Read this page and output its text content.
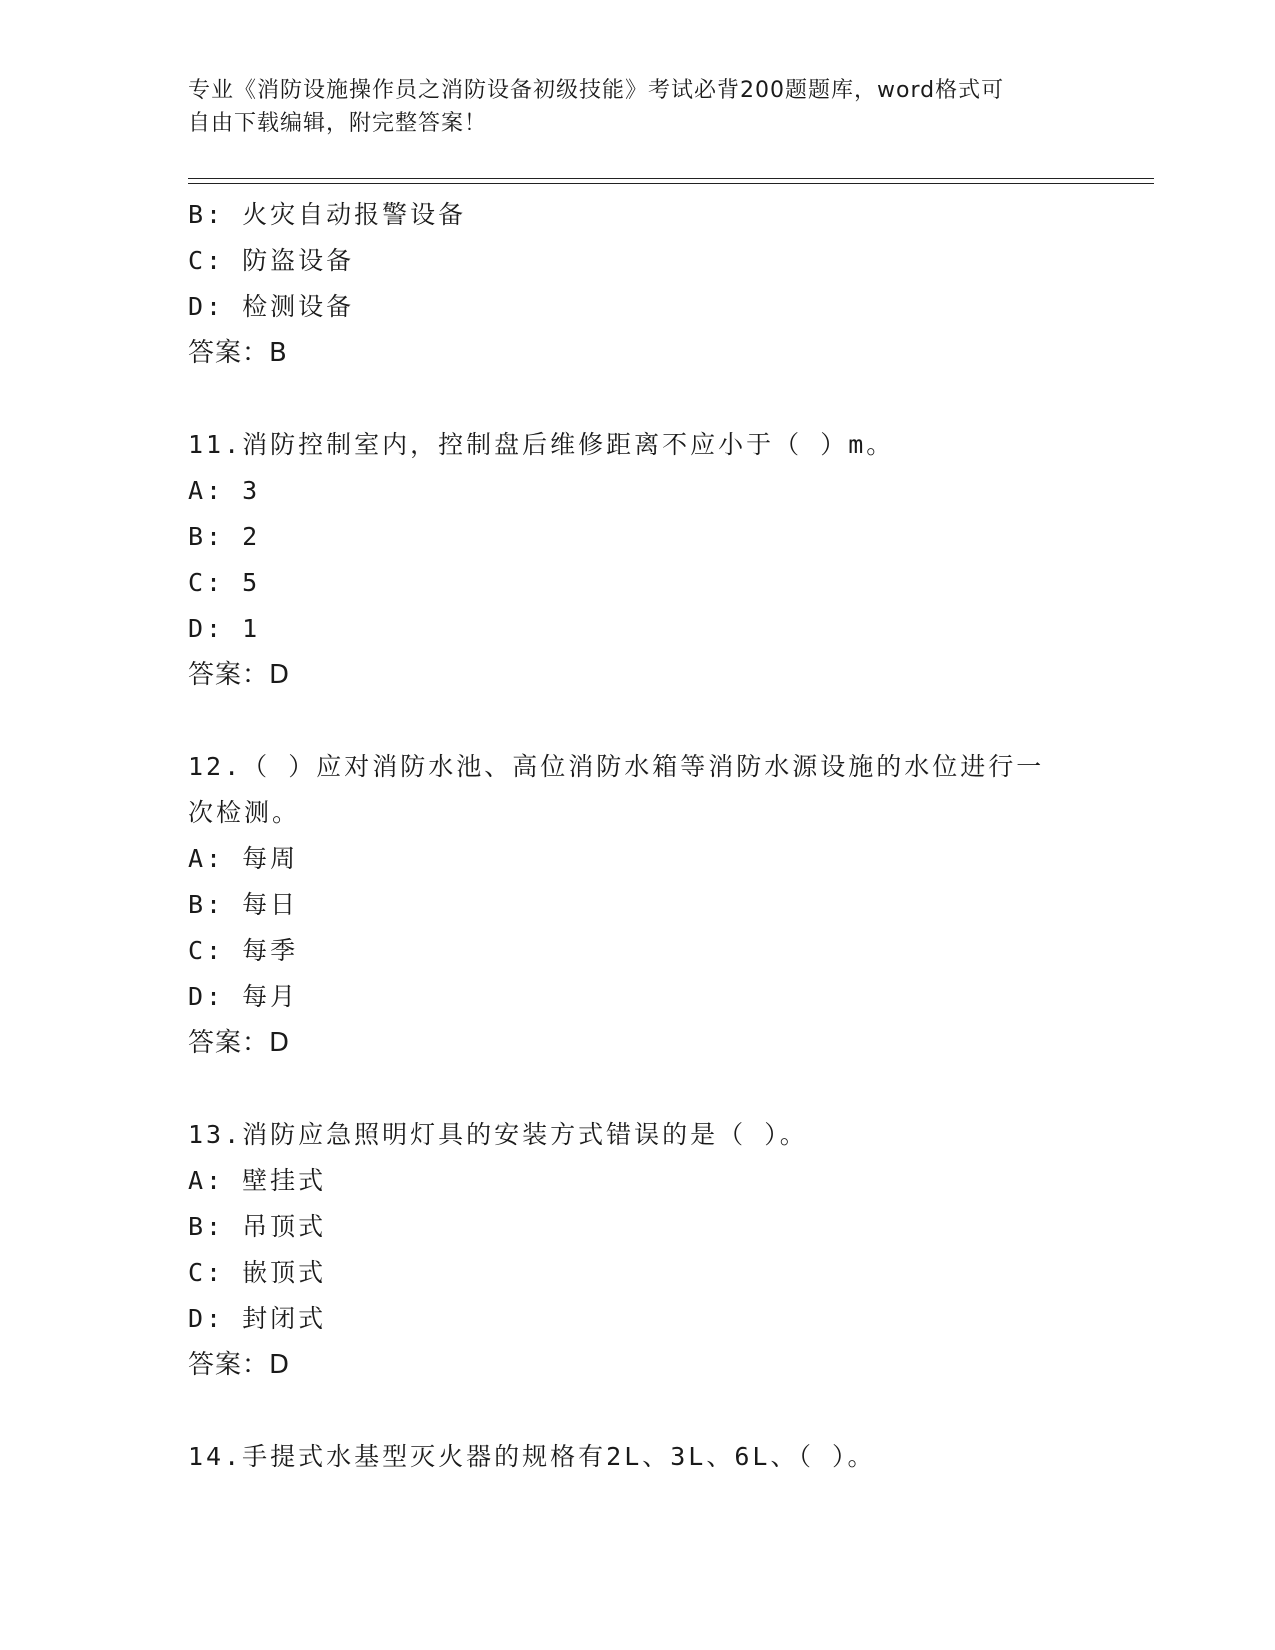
专业《消防设施操作员之消防设备初级技能》考试必背200题题库，word格式可
自由下载编辑，附完整答案！
B: 火灾自动报警设备
C: 防盗设备
D: 检测设备
答案：B
11.消防控制室内，控制盘后维修距离不应小于（ ）m。
A: 3
B: 2
C: 5
D: 1
答案：D
12.（ ）应对消防水池、高位消防水箱等消防水源设施的水位进行一
次检测。
A: 每周
B: 每日
C: 每季
D: 每月
答案：D
13.消防应急照明灯具的安装方式错误的是（ ）。
A: 壁挂式
B: 吊顶式
C: 嵌顶式
D: 封闭式
答案：D
14.手提式水基型灭火器的规格有2L、3L、6L、（ ）。
